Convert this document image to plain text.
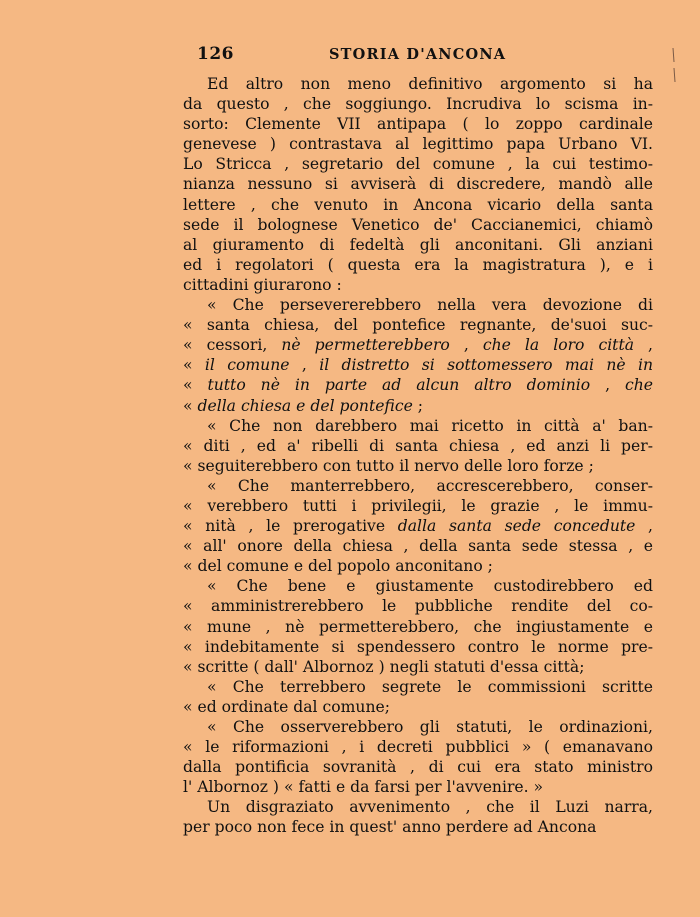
126	STORIA D'ANCONA
Ed altro non meno definitivo argomento si ha
da questo , che soggiungo. Incrudiva lo scisma in-
sorto: Clemente VII antipapa ( lo zoppo cardinale
genevese ) contrastava al legittimo papa Urbano VI.
Lo Stricca , segretario del comune , la cui testimo-
nianza nessuno si avviserà di discredere, mandò alle
lettere , che venuto in Ancona vicario della santa
sede il bolognese Venetico de' Caccianemici, chiamò
al giuramento di fedeltà gli anconitani. Gli anziani
ed i regolatori ( questa era la magistratura ), e i
cittadini giurarono :
« Che persevererebbero nella vera devozione di
« santa chiesa, del pontefice regnante, de'suoi suc-
« cessori, nè permetterebbero , che la loro città ,
« il comune , il distretto si sottomessero mai nè in
« tutto nè in parte ad alcun altro dominio , che
« della chiesa e del pontefice ;
« Che non darebbero mai ricetto in città a' ban-
« diti , ed a' ribelli di santa chiesa , ed anzi li per-
« seguiterebbero con tutto il nervo delle loro forze ;
« Che manterrebbero, accrescerebbero, conser-
« verebbero tutti i privilegii, le grazie , le immu-
« nità , le prerogative dalla santa sede concedute ,
« all' onore della chiesa , della santa sede stessa , e
« del comune e del popolo anconitano ;
« Che bene e giustamente custodirebbero ed
« amministrerebbero le pubbliche rendite del co-
« mune , nè permetterebbero, che ingiustamente e
« indebitamente si spendessero contro le norme pre-
« scritte ( dall' Albornoz ) negli statuti d'essa città;
« Che terrebbero segrete le commissioni scritte
« ed ordinate dal comune;
« Che osserverebbero gli statuti, le ordinazioni,
« le riformazioni , i decreti pubblici » ( emanavano
dalla pontificia sovranità , di cui era stato ministro
l' Albornoz ) « fatti e da farsi per l'avvenire. »
Un disgraziato avvenimento , che il Luzi narra,
per poco non fece in quest' anno perdere ad Ancona
